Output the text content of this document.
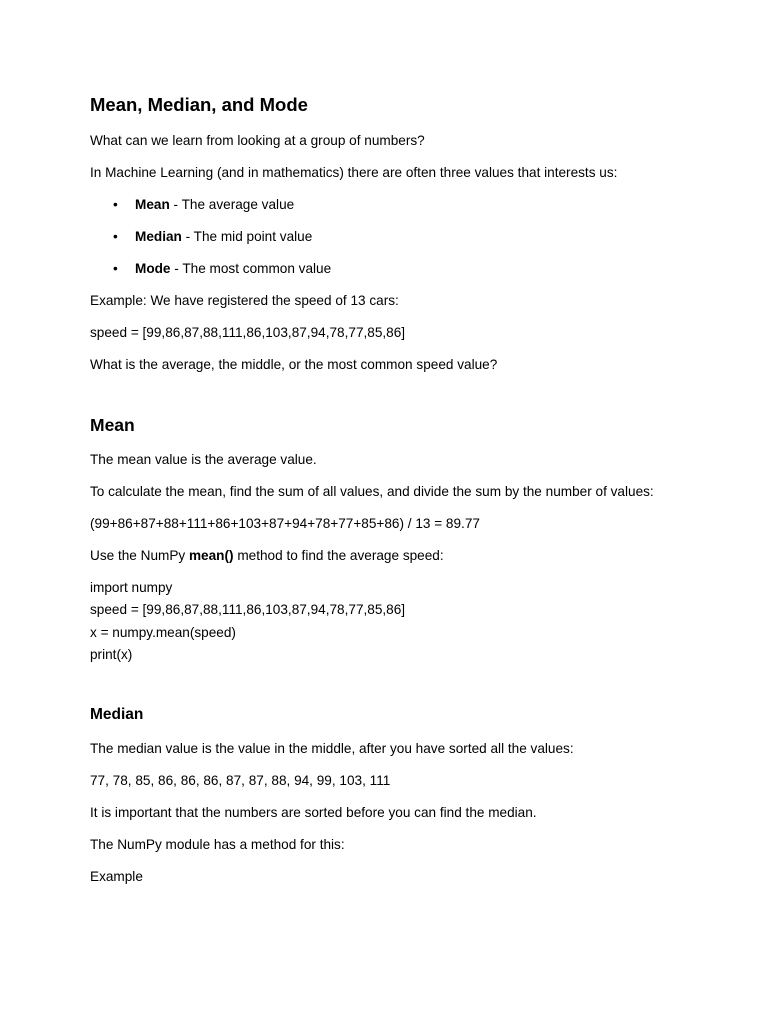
Mean, Median, and Mode

What can we learn from looking at a group of numbers?

In Machine Learning (and in mathematics) there are often three values that interests us:

• Mean - The average value
• Median - The mid point value
• Mode - The most common value

Example: We have registered the speed of 13 cars:

speed = [99,86,87,88,111,86,103,87,94,78,77,85,86]

What is the average, the middle, or the most common speed value?

Mean

The mean value is the average value.

To calculate the mean, find the sum of all values, and divide the sum by the number of values:

(99+86+87+88+111+86+103+87+94+78+77+85+86) / 13 = 89.77

Use the NumPy mean() method to find the average speed:

import numpy
speed = [99,86,87,88,111,86,103,87,94,78,77,85,86]
x = numpy.mean(speed)
print(x)
Median

The median value is the value in the middle, after you have sorted all the values:

77, 78, 85, 86, 86, 86, 87, 87, 88, 94, 99, 103, 111

It is important that the numbers are sorted before you can find the median.

The NumPy module has a method for this:

Example
